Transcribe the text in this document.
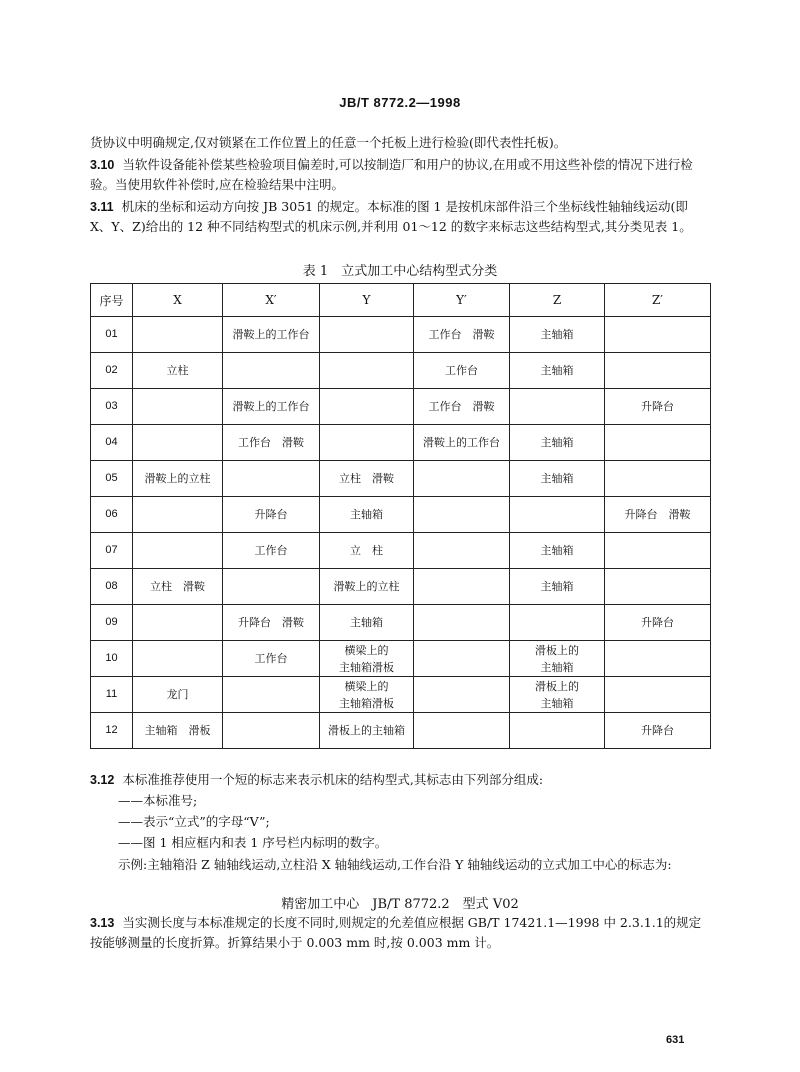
JB/T 8772.2—1998
货协议中明确规定,仅对锁紧在工作位置上的任意一个托板上进行检验(即代表性托板)。
3.10 当软件设备能补偿某些检验项目偏差时,可以按制造厂和用户的协议,在用或不用这些补偿的情况下进行检验。当使用软件补偿时,应在检验结果中注明。
3.11 机床的坐标和运动方向按 JB 3051 的规定。本标准的图 1 是按机床部件沿三个坐标线性轴轴线运动(即 X、Y、Z)给出的 12 种不同结构型式的机床示例,并利用 01～12 的数字来标志这些结构型式,其分类见表 1。
表 1　立式加工中心结构型式分类
序号	X	X′	Y	Y′	Z	Z′
01		滑鞍上的工作台		工作台　滑鞍	主轴箱	
02	立柱			工作台	主轴箱	
03		滑鞍上的工作台		工作台　滑鞍		升降台
04		工作台　滑鞍		滑鞍上的工作台	主轴箱	
05	滑鞍上的立柱		立柱　滑鞍		主轴箱	
06		升降台	主轴箱			升降台　滑鞍
07		工作台	立　柱		主轴箱	
08	立柱　滑鞍		滑鞍上的立柱		主轴箱	
09		升降台　滑鞍	主轴箱			升降台
10		工作台	横梁上的
主轴箱滑板		滑板上的
主轴箱	
11	龙门		横梁上的
主轴箱滑板		滑板上的
主轴箱	
12	主轴箱　滑板		滑板上的主轴箱			升降台
3.12 本标准推荐使用一个短的标志来表示机床的结构型式,其标志由下列部分组成:
——本标准号;
——表示“立式”的字母“V”;
——图 1 相应框内和表 1 序号栏内标明的数字。
示例:主轴箱沿 Z 轴轴线运动,立柱沿 X 轴轴线运动,工作台沿 Y 轴轴线运动的立式加工中心的标志为:
精密加工中心　JB/T 8772.2　型式 V02
3.13 当实测长度与本标准规定的长度不同时,则规定的允差值应根据 GB/T 17421.1—1998 中 2.3.1.1的规定按能够测量的长度折算。折算结果小于 0.003 mm 时,按 0.003 mm 计。
631
